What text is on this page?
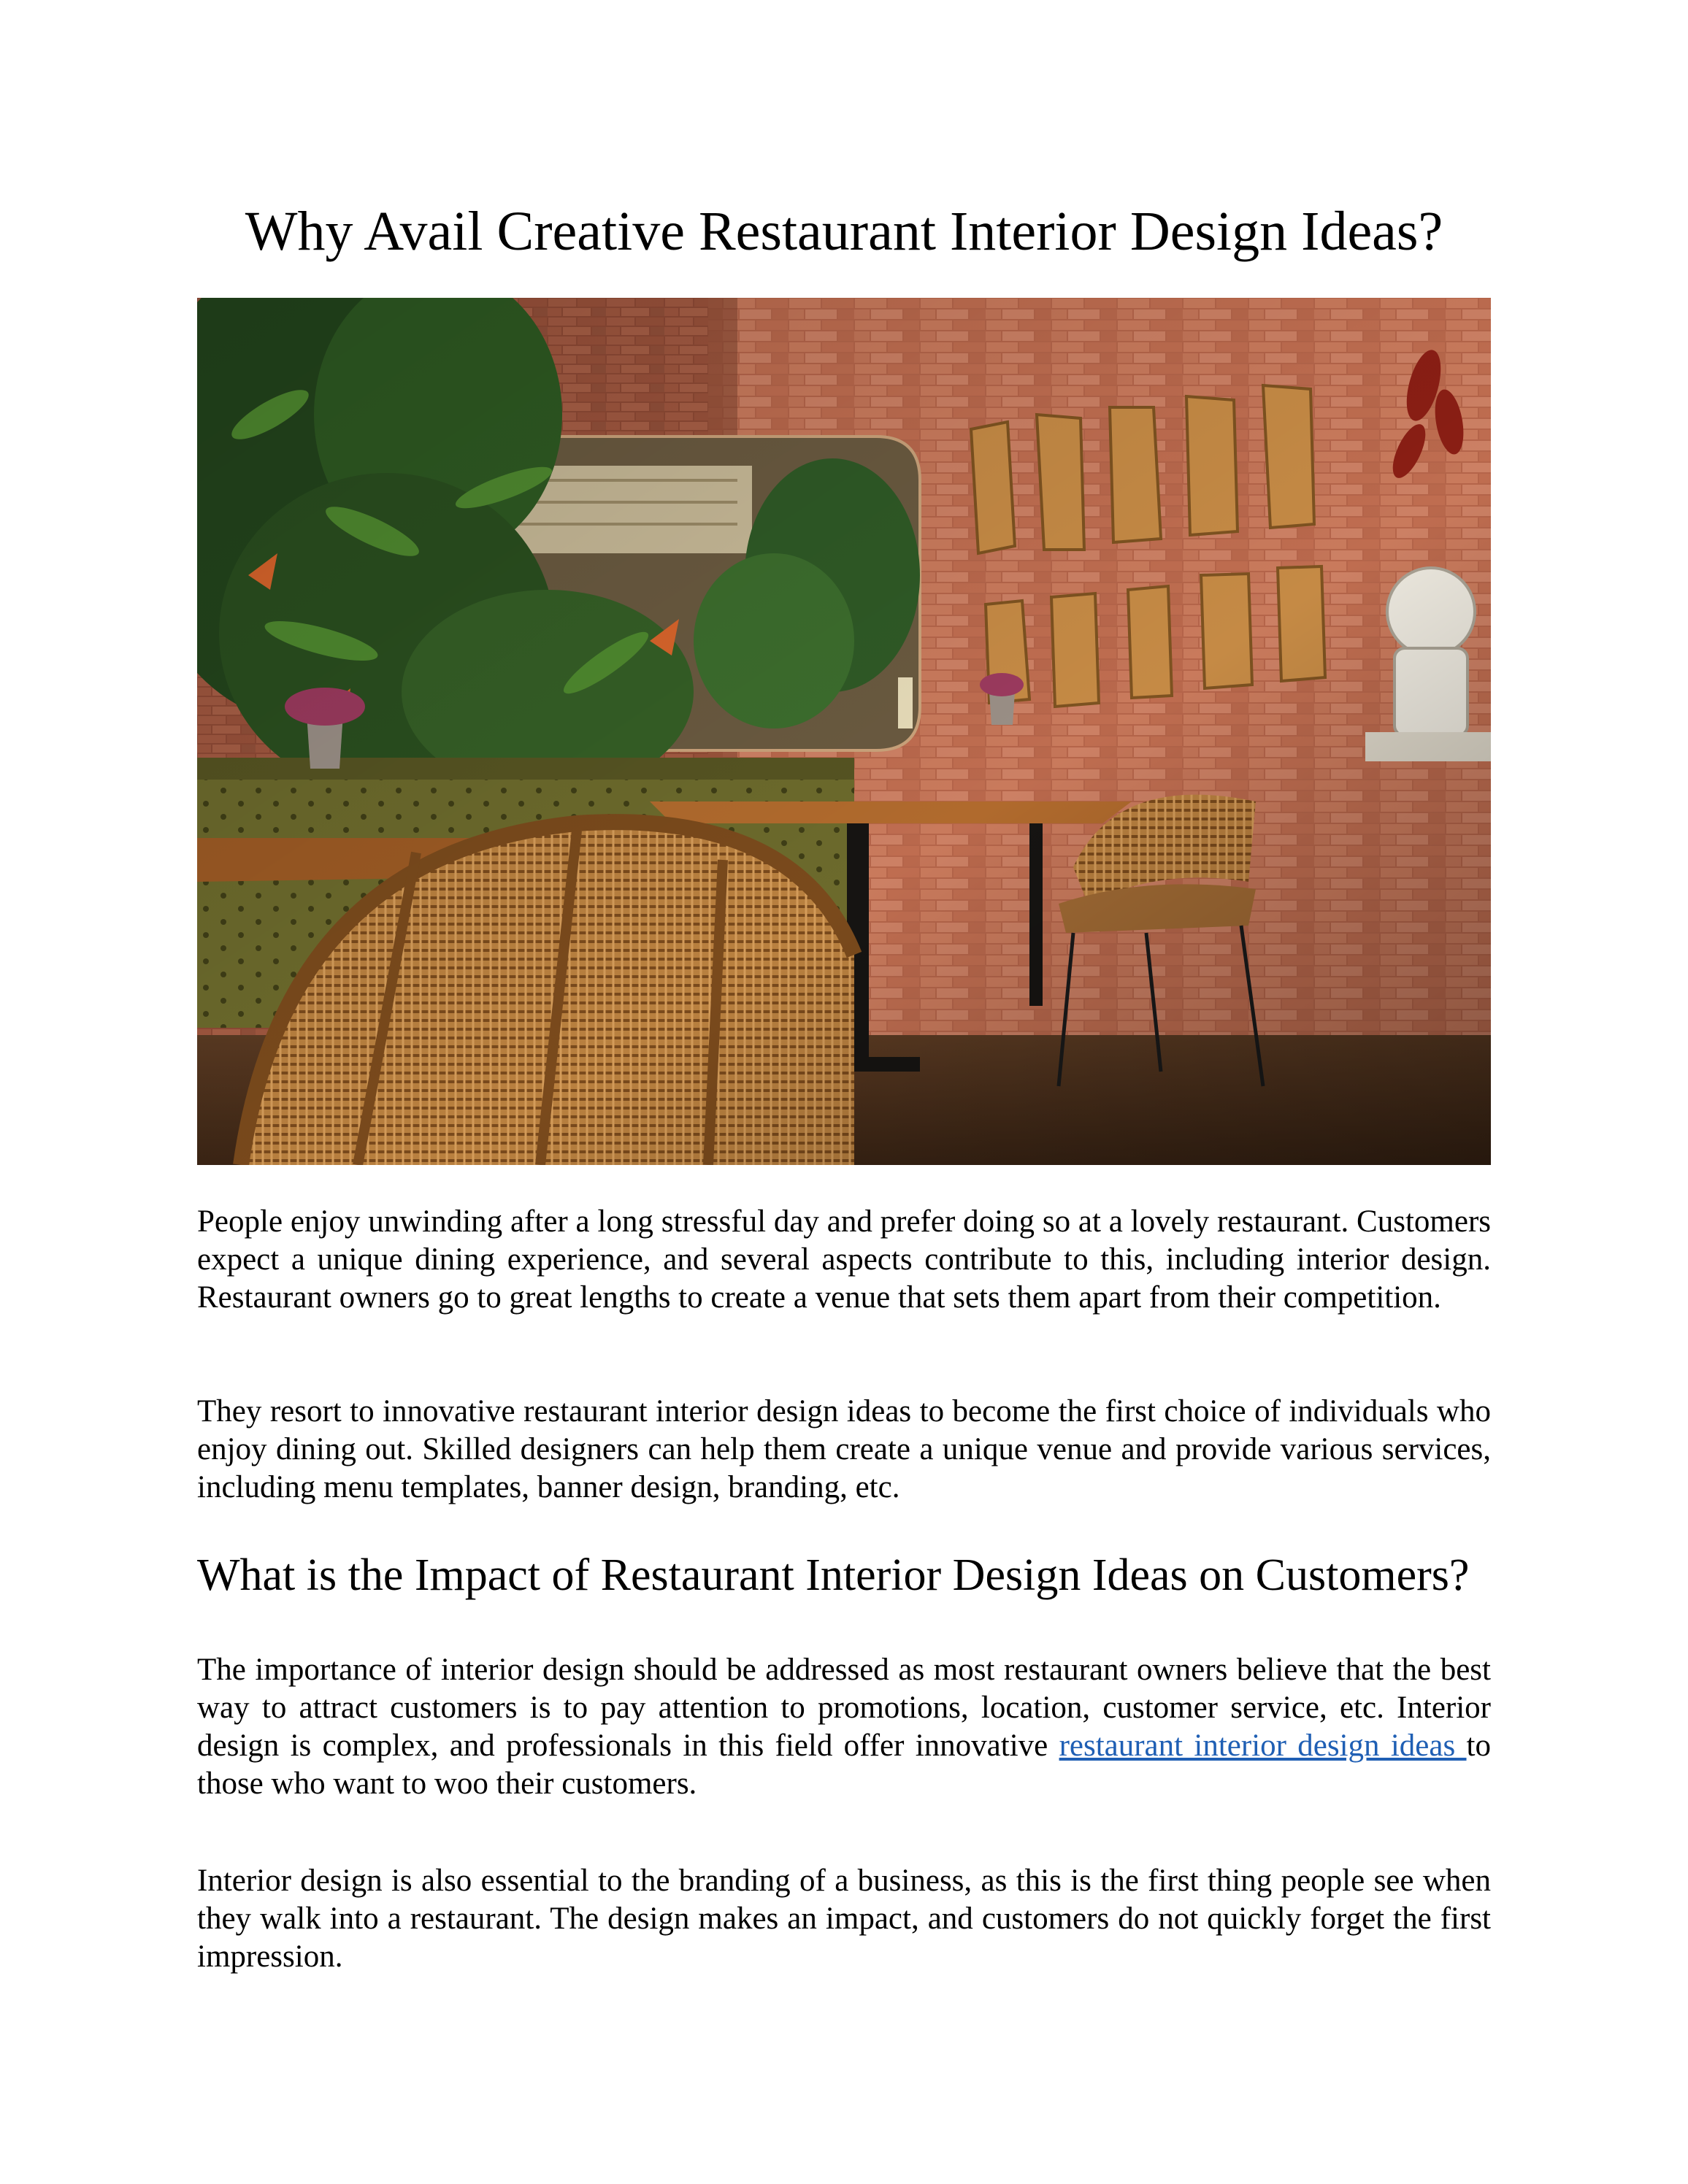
Why Avail Creative Restaurant Interior Design Ideas?

People enjoy unwinding after a long stressful day and prefer doing so at a lovely restaurant. Customers expect a unique dining experience, and several aspects contribute to this, including interior design. Restaurant owners go to great lengths to create a venue that sets them apart from their competition.

They resort to innovative restaurant interior design ideas to become the first choice of individuals who enjoy dining out. Skilled designers can help them create a unique venue and provide various services, including menu templates, banner design, branding, etc.

What is the Impact of Restaurant Interior Design Ideas on Customers?

The importance of interior design should be addressed as most restaurant owners believe that the best way to attract customers is to pay attention to promotions, location, customer service, etc. Interior design is complex, and professionals in this field offer innovative restaurant interior design ideas to those who want to woo their customers.

Interior design is also essential to the branding of a business, as this is the first thing people see when they walk into a restaurant. The design makes an impact, and customers do not quickly forget the first impression.
